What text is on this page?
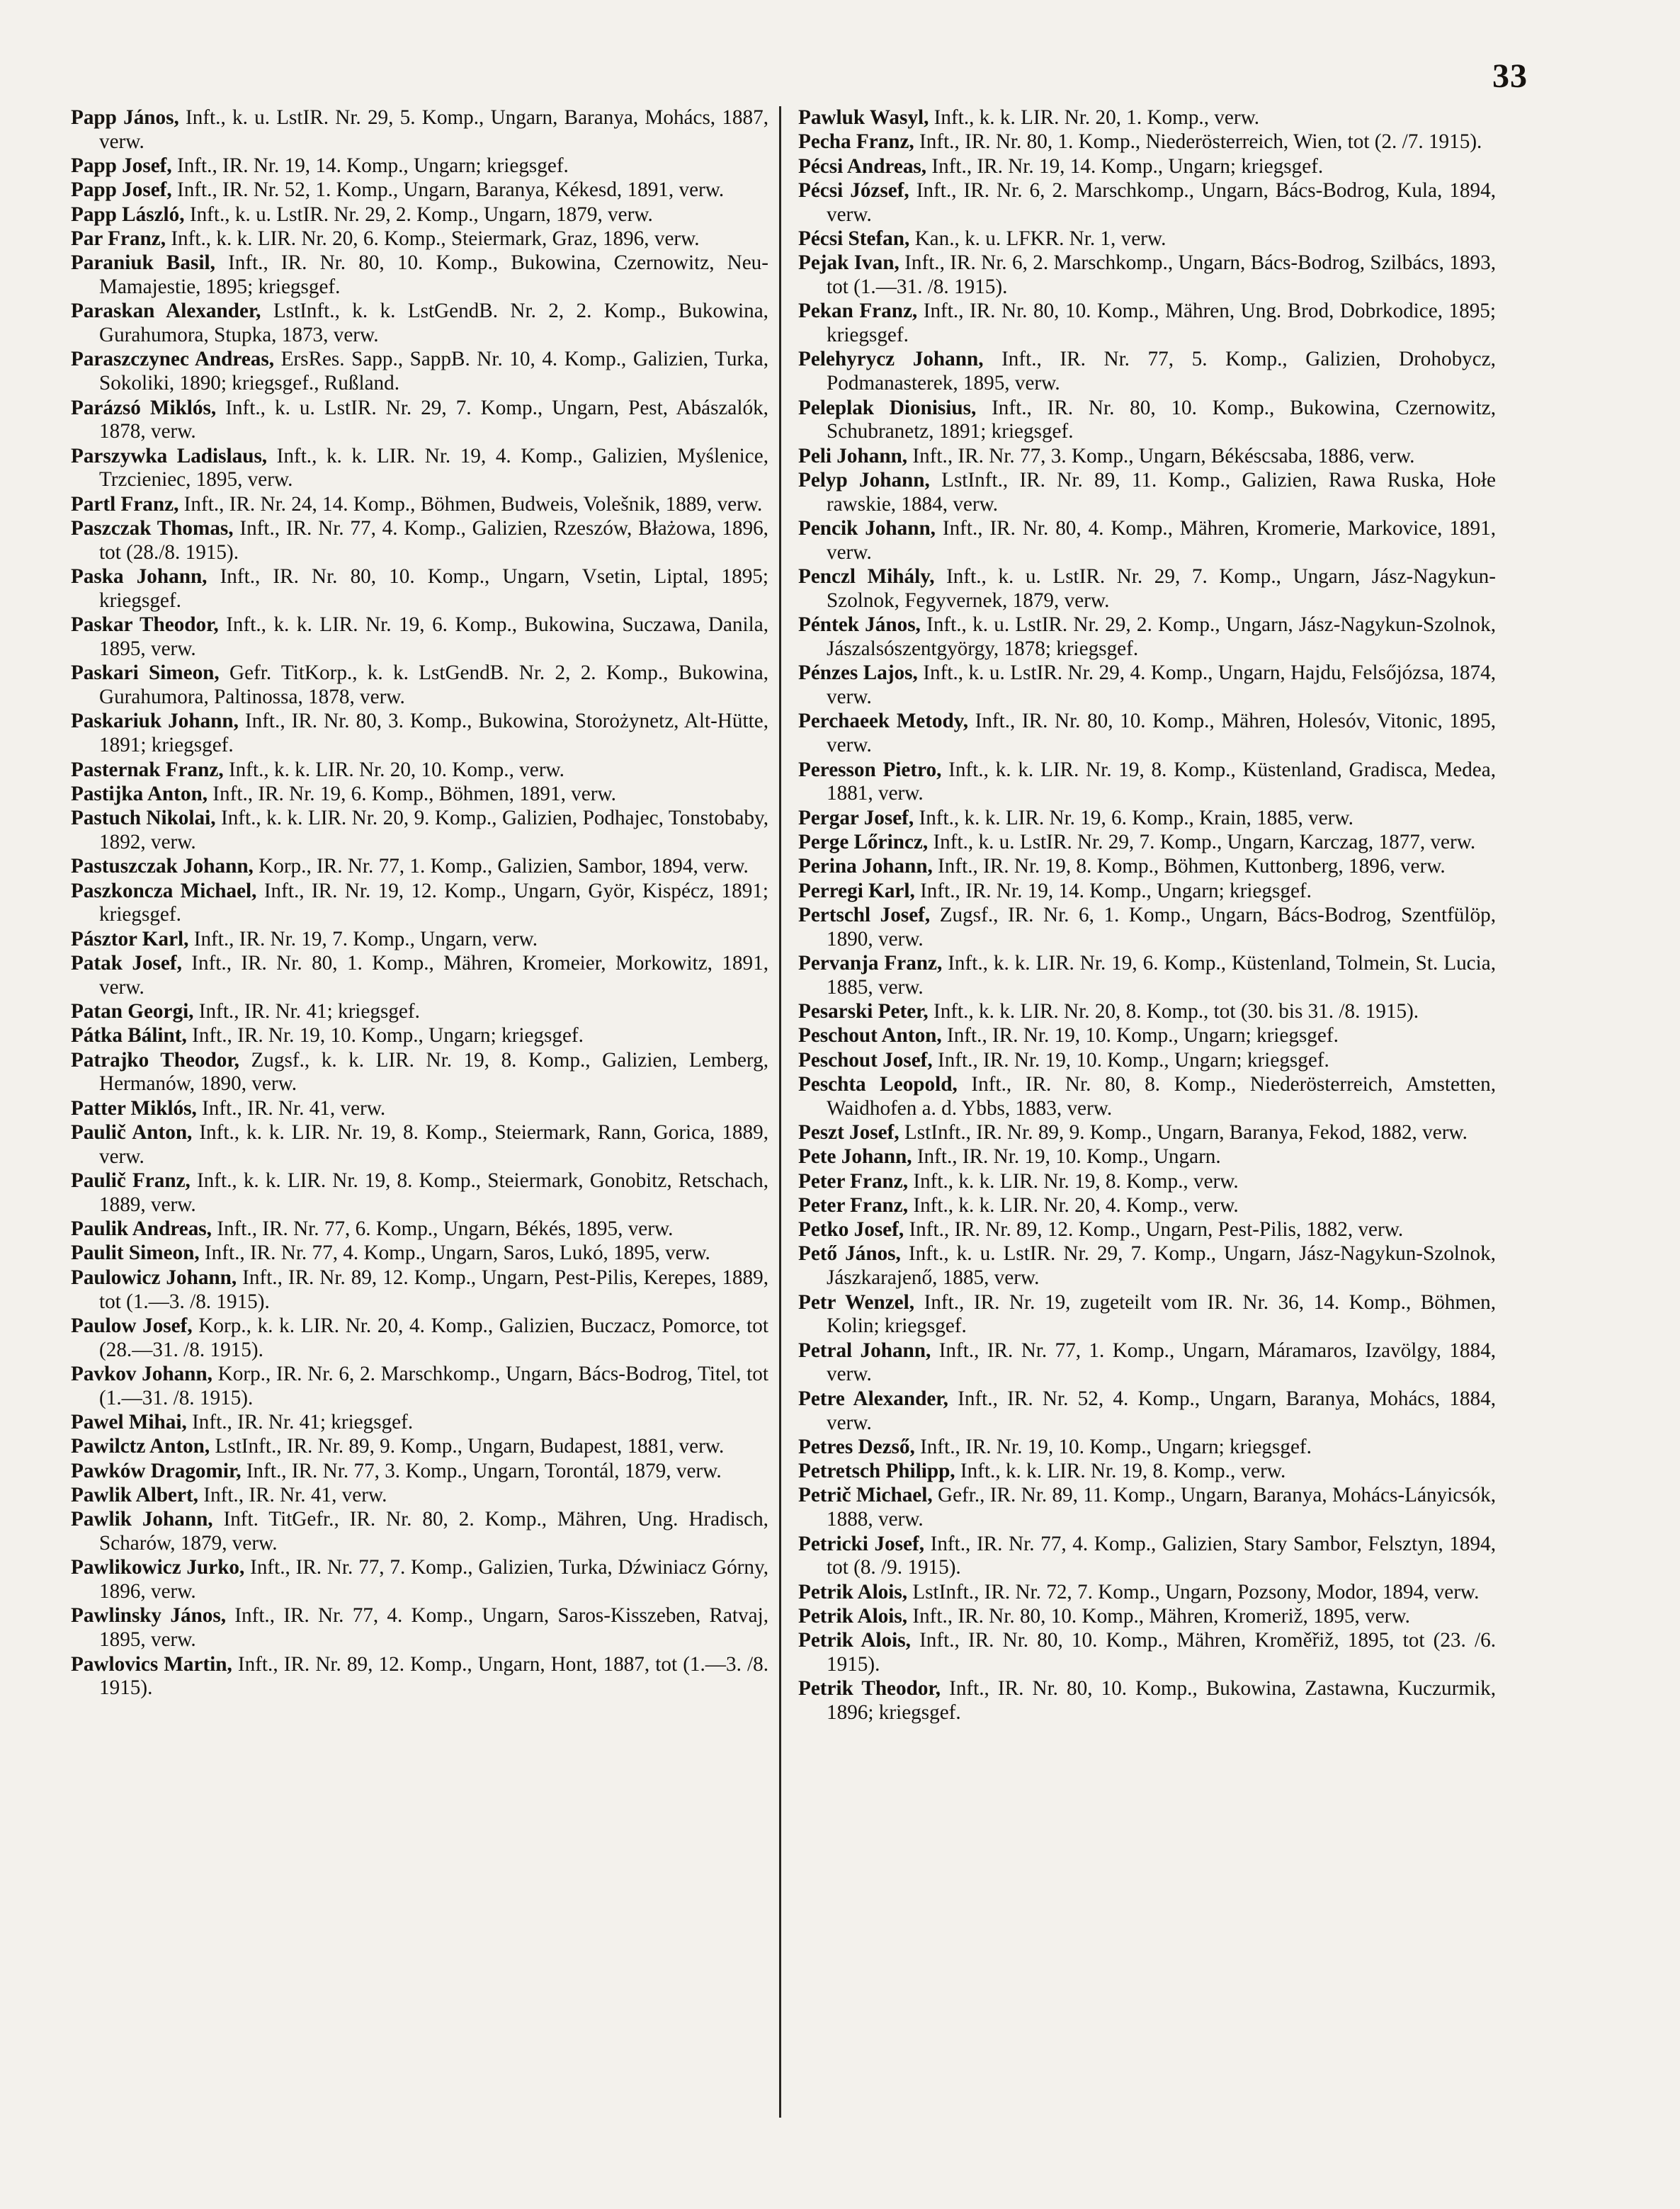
33

Papp János, Inft., k. u. LstIR. Nr. 29, 5. Komp., Ungarn, Baranya, Mohács, 1887, verw.

Papp Josef, Inft., IR. Nr. 19, 14. Komp., Ungarn; kriegsgef.

Papp Josef, Inft., IR. Nr. 52, 1. Komp., Ungarn, Baranya, Kékesd, 1891, verw.

Papp László, Inft., k. u. LstIR. Nr. 29, 2. Komp., Ungarn, 1879, verw.

Par Franz, Inft., k. k. LIR. Nr. 20, 6. Komp., Steiermark, Graz, 1896, verw.

Paraniuk Basil, Inft., IR. Nr. 80, 10. Komp., Bukowina, Czernowitz, Neu-Mamajestie, 1895; kriegsgef.

Paraskan Alexander, LstInft., k. k. LstGendB. Nr. 2, 2. Komp., Bukowina, Gurahumora, Stupka, 1873, verw.

Paraszczynec Andreas, ErsRes. Sapp., SappB. Nr. 10, 4. Komp., Galizien, Turka, Sokoliki, 1890; kriegsgef., Rußland.

Parázsó Miklós, Inft., k. u. LstIR. Nr. 29, 7. Komp., Ungarn, Pest, Abászalók, 1878, verw.

Parszywka Ladislaus, Inft., k. k. LIR. Nr. 19, 4. Komp., Galizien, Myślenice, Trzcieniec, 1895, verw.

Partl Franz, Inft., IR. Nr. 24, 14. Komp., Böhmen, Budweis, Volešnik, 1889, verw.

Paszczak Thomas, Inft., IR. Nr. 77, 4. Komp., Galizien, Rzeszów, Błażowa, 1896, tot (28./8. 1915).

Paska Johann, Inft., IR. Nr. 80, 10. Komp., Ungarn, Vsetin, Liptal, 1895; kriegsgef.

Paskar Theodor, Inft., k. k. LIR. Nr. 19, 6. Komp., Bukowina, Suczawa, Danila, 1895, verw.

Paskari Simeon, Gefr. TitKorp., k. k. LstGendB. Nr. 2, 2. Komp., Bukowina, Gurahumora, Paltinossa, 1878, verw.

Paskariuk Johann, Inft., IR. Nr. 80, 3. Komp., Bukowina, Storożynetz, Alt-Hütte, 1891; kriegsgef.

Pasternak Franz, Inft., k. k. LIR. Nr. 20, 10. Komp., verw.

Pastijka Anton, Inft., IR. Nr. 19, 6. Komp., Böhmen, 1891, verw.

Pastuch Nikolai, Inft., k. k. LIR. Nr. 20, 9. Komp., Galizien, Podhajec, Tonstobaby, 1892, verw.

Pastuszczak Johann, Korp., IR. Nr. 77, 1. Komp., Galizien, Sambor, 1894, verw.

Paszkoncza Michael, Inft., IR. Nr. 19, 12. Komp., Ungarn, Györ, Kispécz, 1891; kriegsgef.

Pásztor Karl, Inft., IR. Nr. 19, 7. Komp., Ungarn, verw.

Patak Josef, Inft., IR. Nr. 80, 1. Komp., Mähren, Kromeier, Morkowitz, 1891, verw.

Patan Georgi, Inft., IR. Nr. 41; kriegsgef.

Pátka Bálint, Inft., IR. Nr. 19, 10. Komp., Ungarn; kriegsgef.

Patrajko Theodor, Zugsf., k. k. LIR. Nr. 19, 8. Komp., Galizien, Lemberg, Hermanów, 1890, verw.

Patter Miklós, Inft., IR. Nr. 41, verw.

Paulič Anton, Inft., k. k. LIR. Nr. 19, 8. Komp., Steiermark, Rann, Gorica, 1889, verw.

Paulič Franz, Inft., k. k. LIR. Nr. 19, 8. Komp., Steiermark, Gonobitz, Retschach, 1889, verw.

Paulik Andreas, Inft., IR. Nr. 77, 6. Komp., Ungarn, Békés, 1895, verw.

Paulit Simeon, Inft., IR. Nr. 77, 4. Komp., Ungarn, Saros, Lukó, 1895, verw.

Paulowicz Johann, Inft., IR. Nr. 89, 12. Komp., Ungarn, Pest-Pilis, Kerepes, 1889, tot (1.—3. /8. 1915).

Paulow Josef, Korp., k. k. LIR. Nr. 20, 4. Komp., Galizien, Buczacz, Pomorce, tot (28.—31. /8. 1915).

Pavkov Johann, Korp., IR. Nr. 6, 2. Marschkomp., Ungarn, Bács-Bodrog, Titel, tot (1.—31. /8. 1915).

Pawel Mihai, Inft., IR. Nr. 41; kriegsgef.

Pawilctz Anton, LstInft., IR. Nr. 89, 9. Komp., Ungarn, Budapest, 1881, verw.

Pawków Dragomir, Inft., IR. Nr. 77, 3. Komp., Ungarn, Torontál, 1879, verw.

Pawlik Albert, Inft., IR. Nr. 41, verw.

Pawlik Johann, Inft. TitGefr., IR. Nr. 80, 2. Komp., Mähren, Ung. Hradisch, Scharów, 1879, verw.

Pawlikowicz Jurko, Inft., IR. Nr. 77, 7. Komp., Galizien, Turka, Dźwiniacz Górny, 1896, verw.

Pawlinsky János, Inft., IR. Nr. 77, 4. Komp., Ungarn, Saros-Kisszeben, Ratvaj, 1895, verw.

Pawlovics Martin, Inft., IR. Nr. 89, 12. Komp., Ungarn, Hont, 1887, tot (1.—3. /8. 1915).

Pawluk Wasyl, Inft., k. k. LIR. Nr. 20, 1. Komp., verw.

Pecha Franz, Inft., IR. Nr. 80, 1. Komp., Niederösterreich, Wien, tot (2. /7. 1915).

Pécsi Andreas, Inft., IR. Nr. 19, 14. Komp., Ungarn; kriegsgef.

Pécsi József, Inft., IR. Nr. 6, 2. Marschkomp., Ungarn, Bács-Bodrog, Kula, 1894, verw.

Pécsi Stefan, Kan., k. u. LFKR. Nr. 1, verw.

Pejak Ivan, Inft., IR. Nr. 6, 2. Marschkomp., Ungarn, Bács-Bodrog, Szilbács, 1893, tot (1.—31. /8. 1915).

Pekan Franz, Inft., IR. Nr. 80, 10. Komp., Mähren, Ung. Brod, Dobrkodice, 1895; kriegsgef.

Pelehyrycz Johann, Inft., IR. Nr. 77, 5. Komp., Galizien, Drohobycz, Podmanasterek, 1895, verw.

Peleplak Dionisius, Inft., IR. Nr. 80, 10. Komp., Bukowina, Czernowitz, Schubranetz, 1891; kriegsgef.

Peli Johann, Inft., IR. Nr. 77, 3. Komp., Ungarn, Békéscsaba, 1886, verw.

Pelyp Johann, LstInft., IR. Nr. 89, 11. Komp., Galizien, Rawa Ruska, Hołe rawskie, 1884, verw.

Pencik Johann, Inft., IR. Nr. 80, 4. Komp., Mähren, Kromerie, Markovice, 1891, verw.

Penczl Mihály, Inft., k. u. LstIR. Nr. 29, 7. Komp., Ungarn, Jász-Nagykun-Szolnok, Fegyvernek, 1879, verw.

Péntek János, Inft., k. u. LstIR. Nr. 29, 2. Komp., Ungarn, Jász-Nagykun-Szolnok, Jászalsószentgyörgy, 1878; kriegsgef.

Pénzes Lajos, Inft., k. u. LstIR. Nr. 29, 4. Komp., Ungarn, Hajdu, Felsőjózsa, 1874, verw.

Perchaeek Metody, Inft., IR. Nr. 80, 10. Komp., Mähren, Holesóv, Vitonic, 1895, verw.

Peresson Pietro, Inft., k. k. LIR. Nr. 19, 8. Komp., Küstenland, Gradisca, Medea, 1881, verw.

Pergar Josef, Inft., k. k. LIR. Nr. 19, 6. Komp., Krain, 1885, verw.

Perge Lőrincz, Inft., k. u. LstIR. Nr. 29, 7. Komp., Ungarn, Karczag, 1877, verw.

Perina Johann, Inft., IR. Nr. 19, 8. Komp., Böhmen, Kuttonberg, 1896, verw.

Perregi Karl, Inft., IR. Nr. 19, 14. Komp., Ungarn; kriegsgef.

Pertschl Josef, Zugsf., IR. Nr. 6, 1. Komp., Ungarn, Bács-Bodrog, Szentfülöp, 1890, verw.

Pervanja Franz, Inft., k. k. LIR. Nr. 19, 6. Komp., Küstenland, Tolmein, St. Lucia, 1885, verw.

Pesarski Peter, Inft., k. k. LIR. Nr. 20, 8. Komp., tot (30. bis 31. /8. 1915).

Peschout Anton, Inft., IR. Nr. 19, 10. Komp., Ungarn; kriegsgef.

Peschout Josef, Inft., IR. Nr. 19, 10. Komp., Ungarn; kriegsgef.

Peschta Leopold, Inft., IR. Nr. 80, 8. Komp., Niederösterreich, Amstetten, Waidhofen a. d. Ybbs, 1883, verw.

Peszt Josef, LstInft., IR. Nr. 89, 9. Komp., Ungarn, Baranya, Fekod, 1882, verw.

Pete Johann, Inft., IR. Nr. 19, 10. Komp., Ungarn.

Peter Franz, Inft., k. k. LIR. Nr. 19, 8. Komp., verw.

Peter Franz, Inft., k. k. LIR. Nr. 20, 4. Komp., verw.

Petko Josef, Inft., IR. Nr. 89, 12. Komp., Ungarn, Pest-Pilis, 1882, verw.

Pető János, Inft., k. u. LstIR. Nr. 29, 7. Komp., Ungarn, Jász-Nagykun-Szolnok, Jászkarajenő, 1885, verw.

Petr Wenzel, Inft., IR. Nr. 19, zugeteilt vom IR. Nr. 36, 14. Komp., Böhmen, Kolin; kriegsgef.

Petral Johann, Inft., IR. Nr. 77, 1. Komp., Ungarn, Máramaros, Izavölgy, 1884, verw.

Petre Alexander, Inft., IR. Nr. 52, 4. Komp., Ungarn, Baranya, Mohács, 1884, verw.

Petres Dezső, Inft., IR. Nr. 19, 10. Komp., Ungarn; kriegsgef.

Petretsch Philipp, Inft., k. k. LIR. Nr. 19, 8. Komp., verw.

Petrič Michael, Gefr., IR. Nr. 89, 11. Komp., Ungarn, Baranya, Mohács-Lányicsók, 1888, verw.

Petricki Josef, Inft., IR. Nr. 77, 4. Komp., Galizien, Stary Sambor, Felsztyn, 1894, tot (8. /9. 1915).

Petrik Alois, LstInft., IR. Nr. 72, 7. Komp., Ungarn, Pozsony, Modor, 1894, verw.

Petrik Alois, Inft., IR. Nr. 80, 10. Komp., Mähren, Kromeriž, 1895, verw.

Petrik Alois, Inft., IR. Nr. 80, 10. Komp., Mähren, Kroměřiž, 1895, tot (23. /6. 1915).

Petrik Theodor, Inft., IR. Nr. 80, 10. Komp., Bukowina, Zastawna, Kuczurmik, 1896; kriegsgef.
